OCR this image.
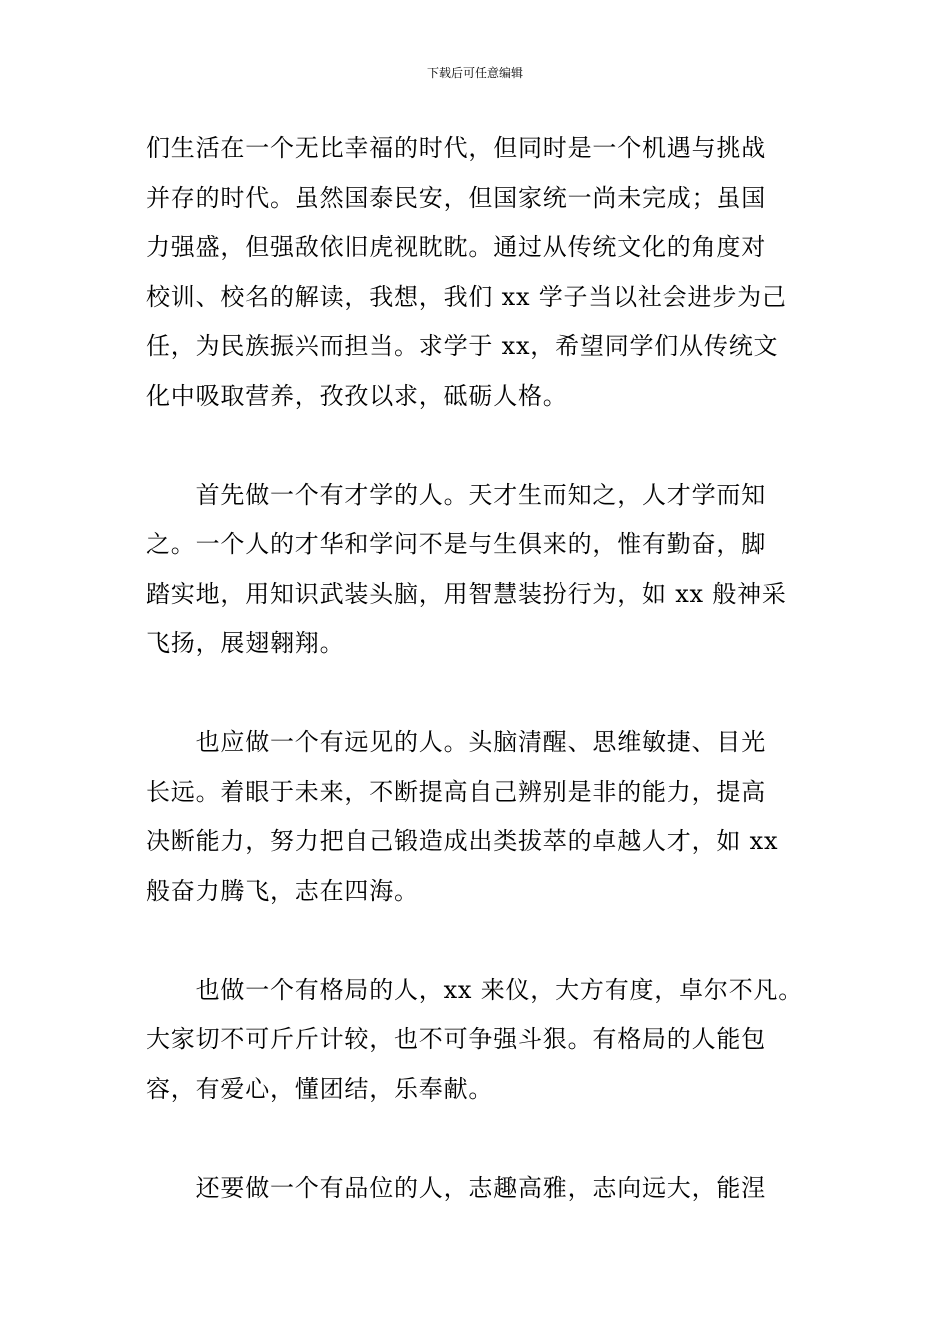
下载后可任意编辑

们生活在一个无比幸福的时代，但同时是一个机遇与挑战
并存的时代。虽然国泰民安，但国家统一尚未完成；虽国
力强盛，但强敌依旧虎视眈眈。通过从传统文化的角度对
校训、校名的解读，我想，我们 xx 学子当以社会进步为己
任，为民族振兴而担当。求学于 xx，希望同学们从传统文
化中吸取营养，孜孜以求，砥砺人格。

　　首先做一个有才学的人。天才生而知之，人才学而知
之。一个人的才华和学问不是与生俱来的，惟有勤奋，脚
踏实地，用知识武装头脑，用智慧装扮行为，如 xx 般神采
飞扬，展翅翱翔。

　　也应做一个有远见的人。头脑清醒、思维敏捷、目光
长远。着眼于未来，不断提高自己辨别是非的能力，提高
决断能力，努力把自己锻造成出类拔萃的卓越人才，如 xx
般奋力腾飞，志在四海。

　　也做一个有格局的人，xx 来仪，大方有度，卓尔不凡。
大家切不可斤斤计较，也不可争强斗狠。有格局的人能包
容，有爱心，懂团结，乐奉献。

　　还要做一个有品位的人，志趣高雅，志向远大，能涅
